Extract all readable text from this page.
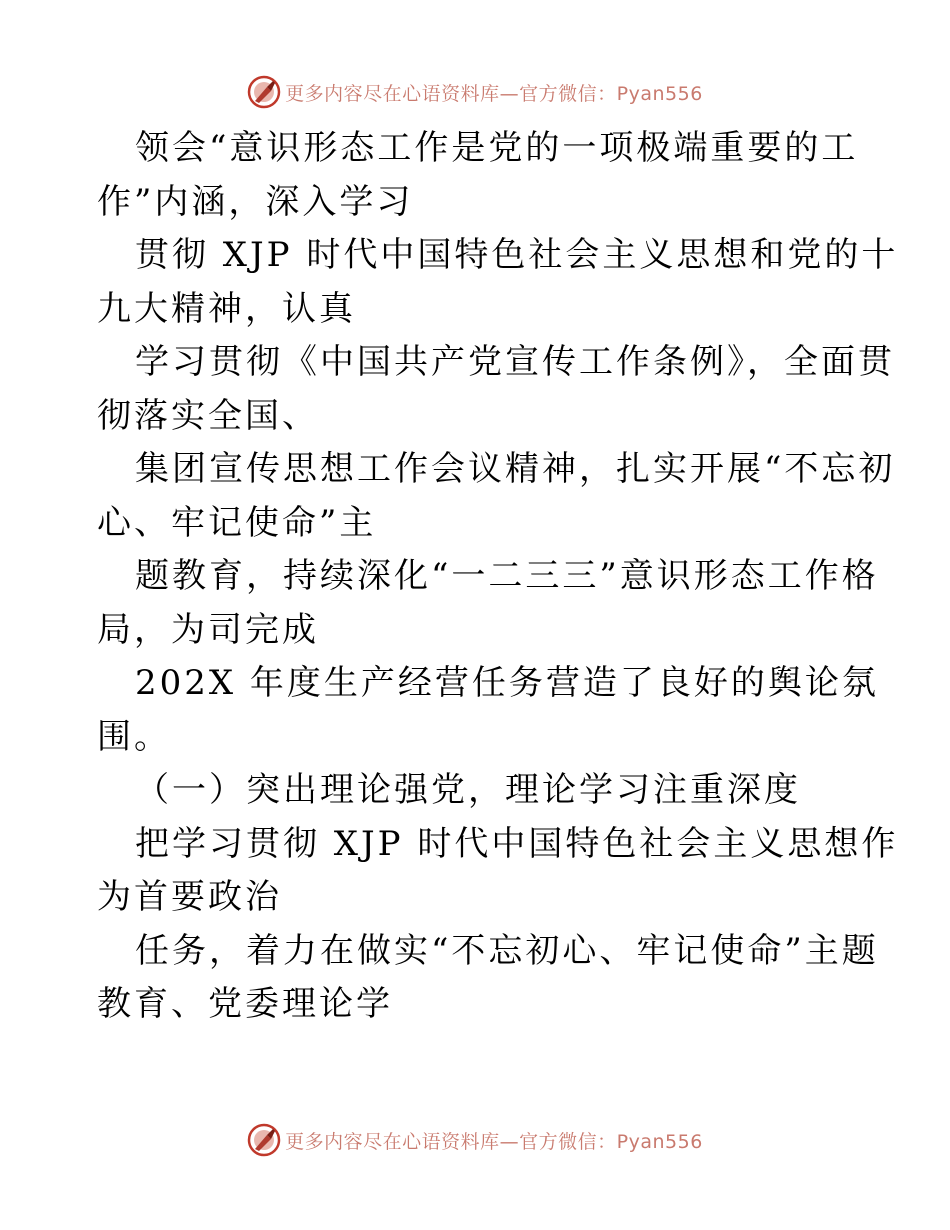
更多内容尽在心语资料库—官方微信：Pyan556
领会“意识形态工作是党的一项极端重要的工
作”内涵，深入学习
贯彻 XJP 时代中国特色社会主义思想和党的十
九大精神，认真
学习贯彻《中国共产党宣传工作条例》，全面贯
彻落实全国、
集团宣传思想工作会议精神，扎实开展“不忘初
心、牢记使命”主
题教育，持续深化“一二三三”意识形态工作格
局，为司完成
202X 年度生产经营任务营造了良好的舆论氛
围。
（一）突出理论强党，理论学习注重深度
把学习贯彻 XJP 时代中国特色社会主义思想作
为首要政治
任务，着力在做实“不忘初心、牢记使命”主题
教育、党委理论学
更多内容尽在心语资料库—官方微信：Pyan556
